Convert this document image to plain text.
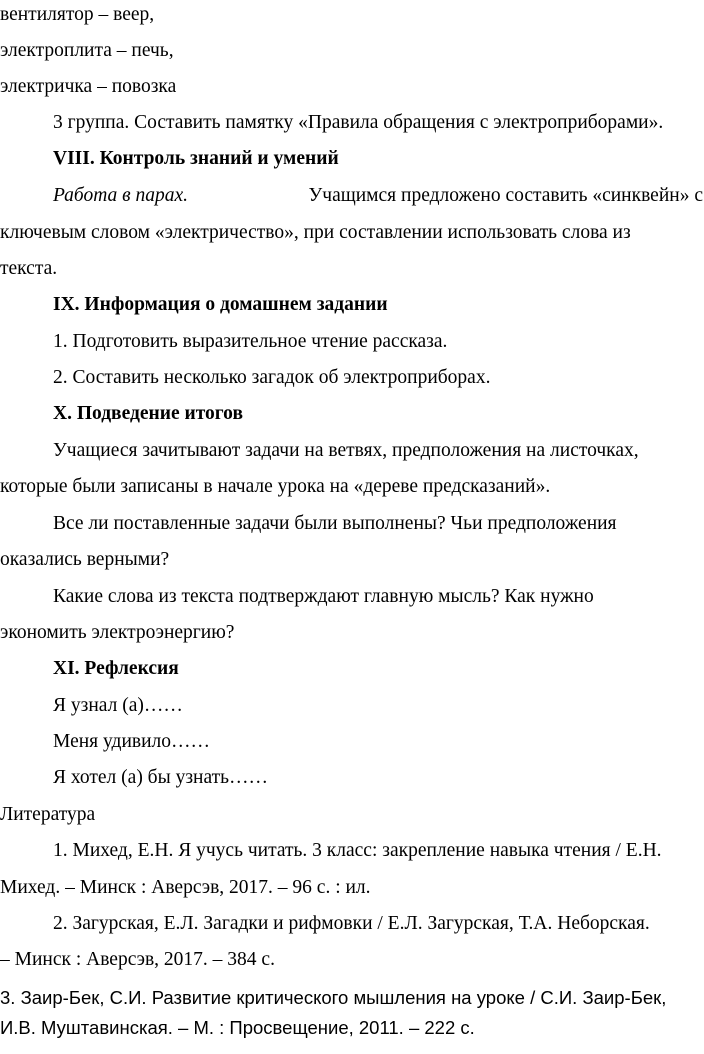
вентилятор – веер,
электроплита – печь,
электричка – повозка
3 группа. Составить памятку «Правила обращения с электроприборами».
VIII. Контроль знаний и умений
Работа в парах.	Учащимся предложено составить «синквейн» с
ключевым словом «электричество», при составлении использовать слова из
текста.
IX. Информация о домашнем задании
1. Подготовить выразительное чтение рассказа.
2. Составить несколько загадок об электроприборах.
X. Подведение итогов
Учащиеся зачитывают задачи на ветвях, предположения на листочках,
которые были записаны в начале урока на «дереве предсказаний».
Все ли поставленные задачи были выполнены? Чьи предположения
оказались верными?
Какие слова из текста подтверждают главную мысль? Как нужно
экономить электроэнергию?
XI. Рефлексия
Я узнал (а)……
Меня удивило……
Я хотел (а) бы узнать……
Литература
1. Михед, Е.Н. Я учусь читать. 3 класс: закрепление навыка чтения / Е.Н.
Михед. – Минск : Аверсэв, 2017. – 96 с. : ил.
2. Загурская, Е.Л. Загадки и рифмовки / Е.Л. Загурская, Т.А. Неборская.
– Минск : Аверсэв, 2017. – 384 с.
3. Заир-Бек, С.И. Развитие критического мышления на уроке / С.И. Заир-Бек,
И.В. Муштавинская. – М. : Просвещение, 2011. – 222 с.
